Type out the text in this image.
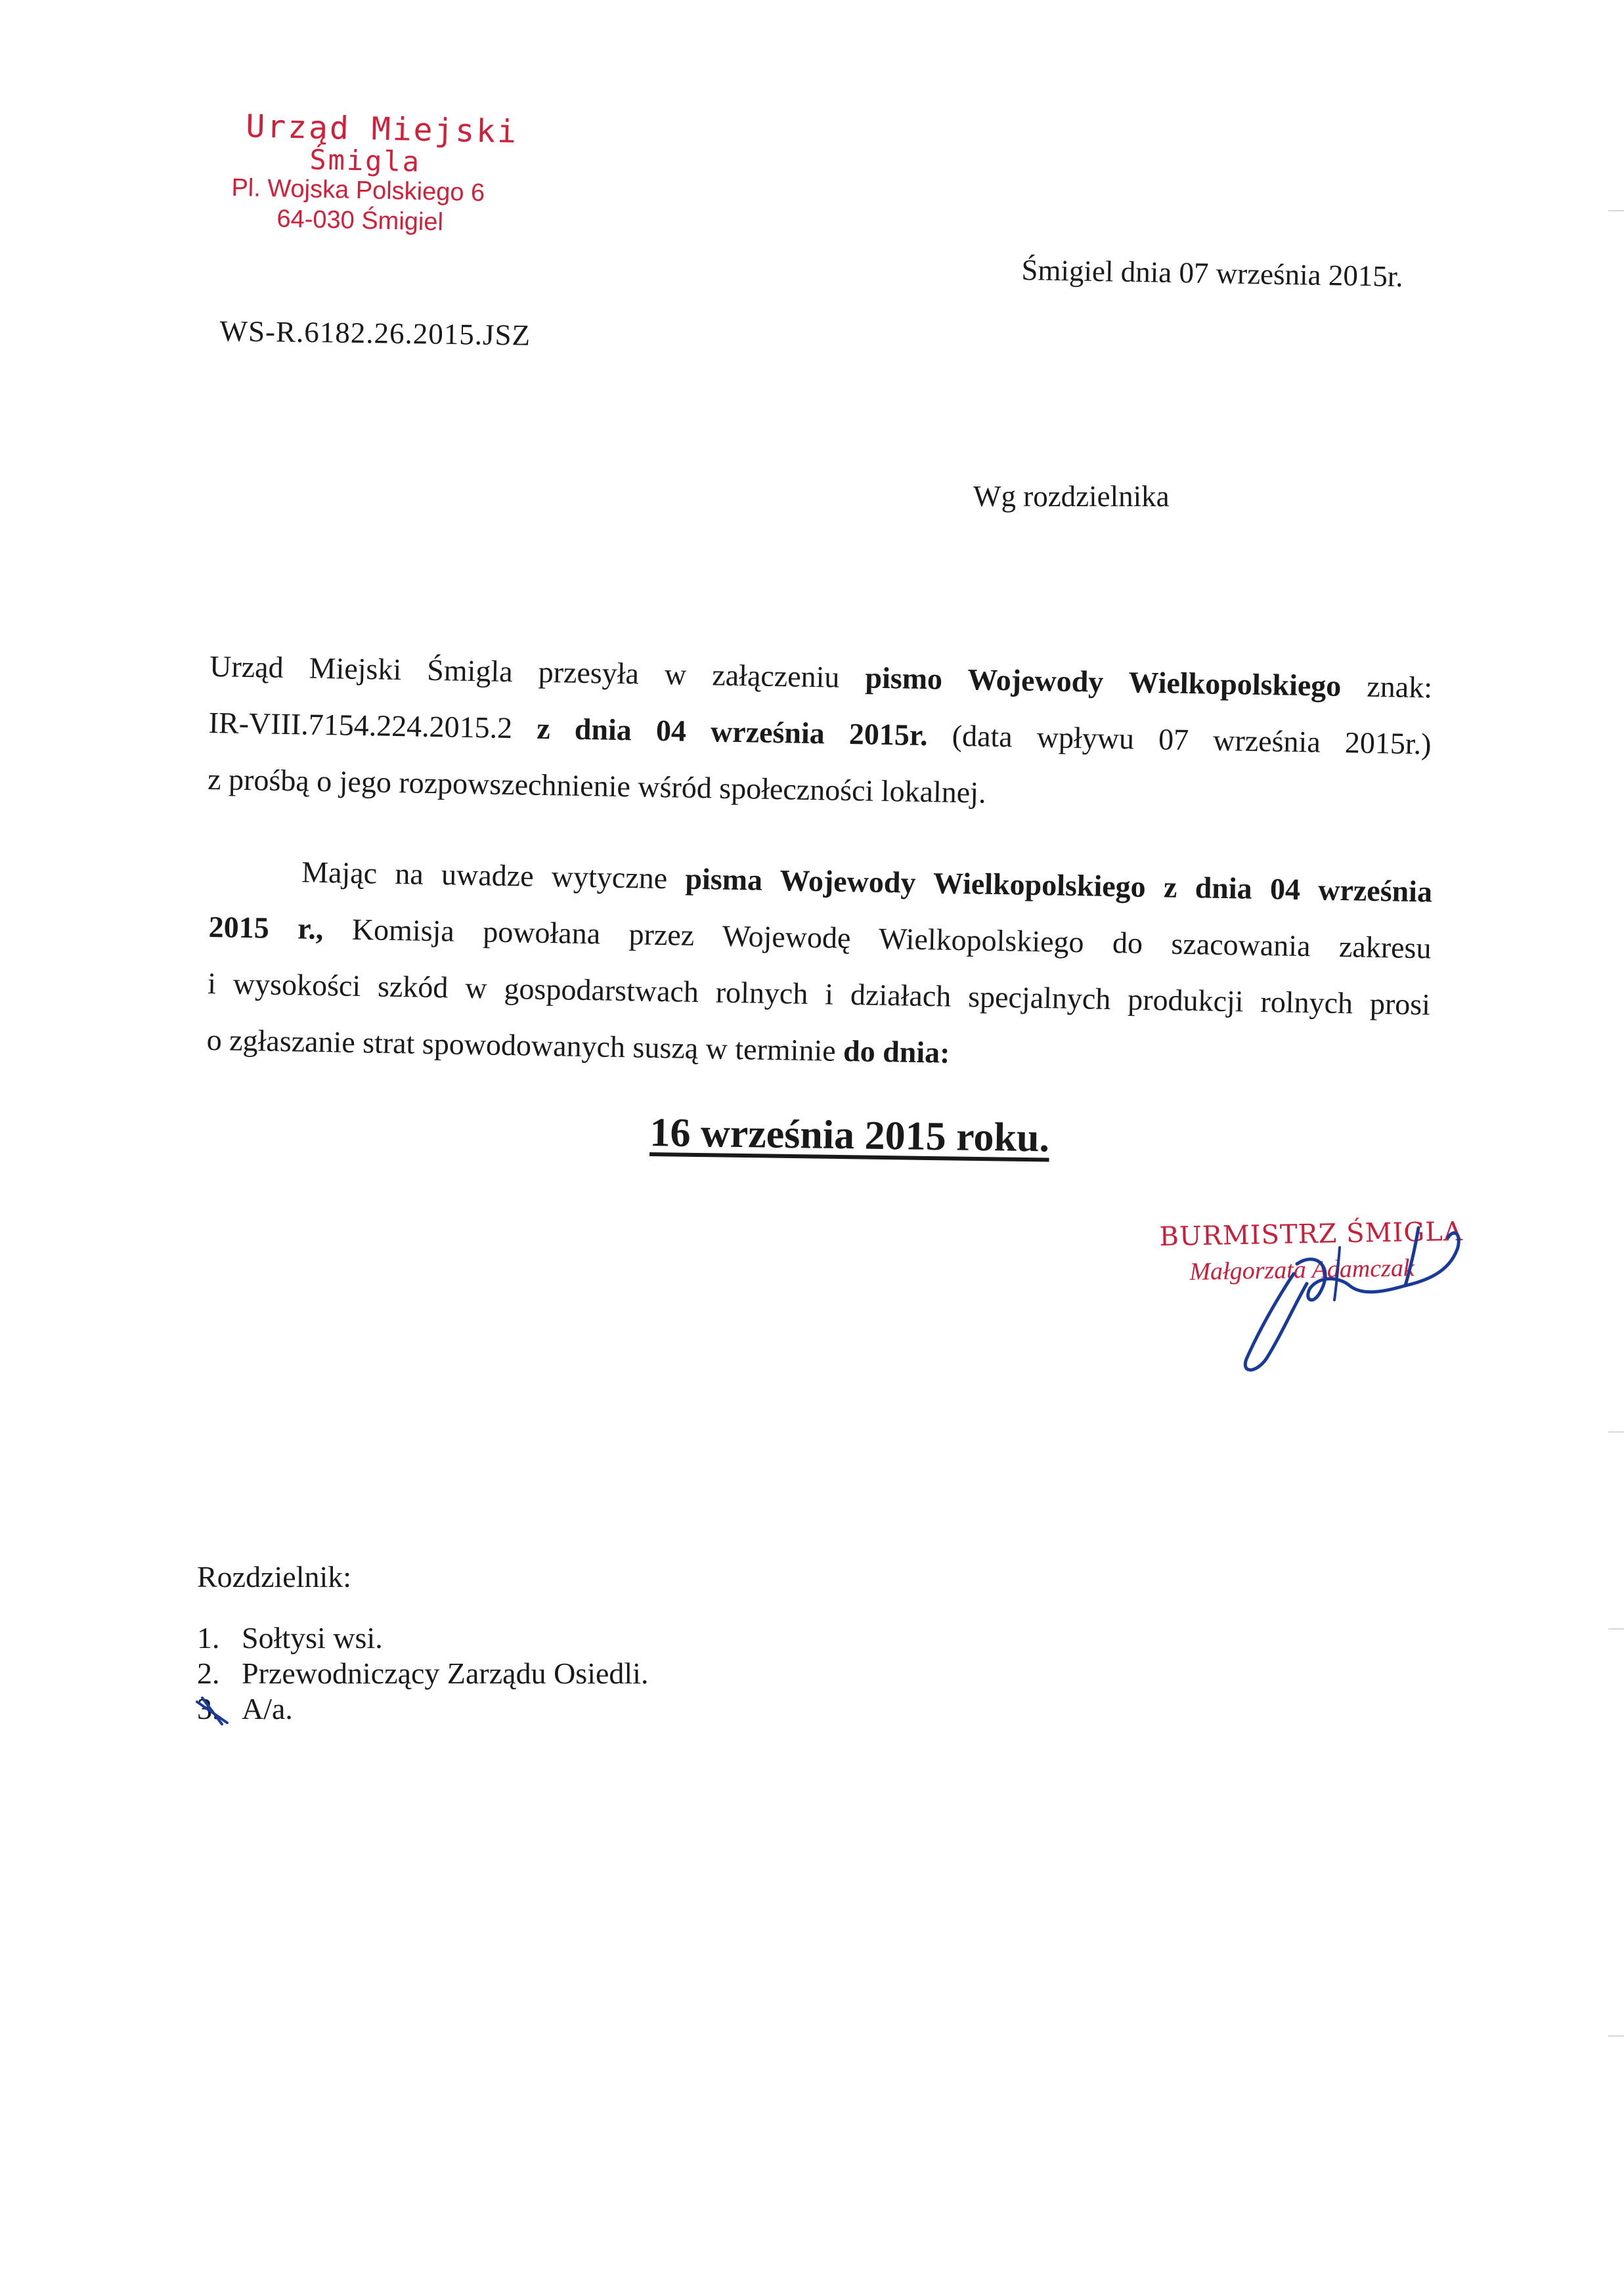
Urząd Miejski
Śmigla
Pl. Wojska Polskiego 6
64-030 Śmigiel
Śmigiel dnia 07 września 2015r.
WS-R.6182.26.2015.JSZ
Wg rozdzielnika
Urząd Miejski Śmigla przesyła w załączeniu pismo Wojewody Wielkopolskiego znak:
IR-VIII.7154.224.2015.2 z dnia 04 września 2015r. (data wpływu 07 września 2015r.)
z prośbą o jego rozpowszechnienie wśród społeczności lokalnej.
Mając na uwadze wytyczne pisma Wojewody Wielkopolskiego z dnia 04 września
2015 r., Komisja powołana przez Wojewodę Wielkopolskiego do szacowania zakresu
i wysokości szkód w gospodarstwach rolnych i działach specjalnych produkcji rolnych prosi
o zgłaszanie strat spowodowanych suszą w terminie do dnia:
16 września 2015 roku.
BURMISTRZ ŚMIGLA
Małgorzata Adamczak
Rozdzielnik:
1. Sołtysi wsi.
2. Przewodniczący Zarządu Osiedli.
3. A/a.
